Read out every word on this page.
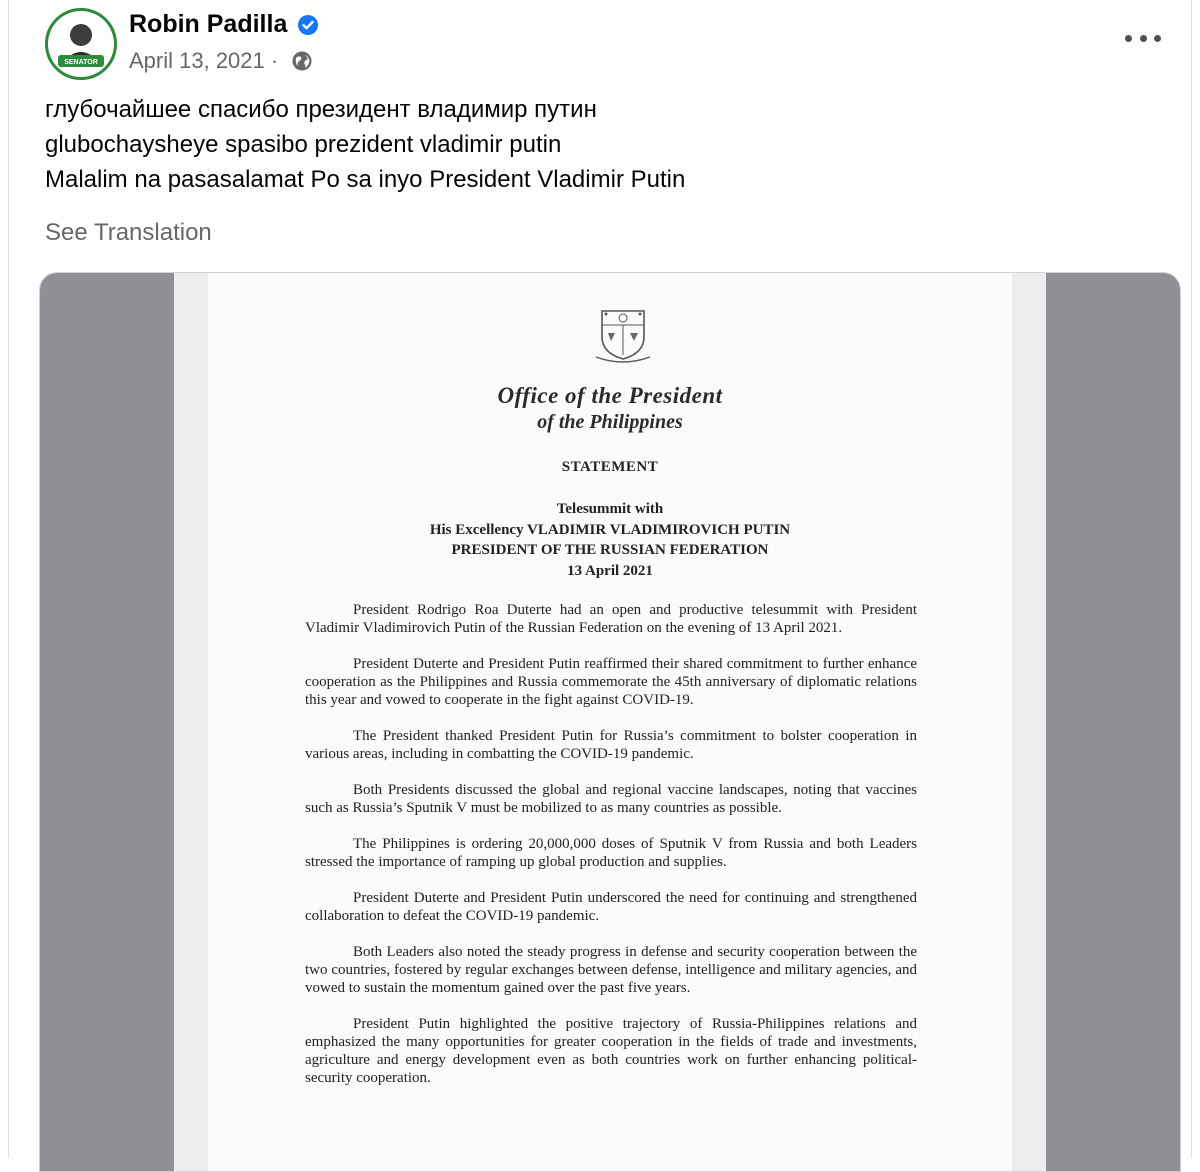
SENATOR
Robin Padilla
April 13, 2021 ·
глубочайшее спасибо президент владимир путин
glubochaysheye spasibo prezident vladimir putin
Malalim na pasasalamat Po sa inyo President Vladimir Putin
See Translation
Office of the President
of the Philippines
STATEMENT
Telesummit with
His Excellency VLADIMIR VLADIMIROVICH PUTIN
PRESIDENT OF THE RUSSIAN FEDERATION
13 April 2021

President Rodrigo Roa Duterte had an open and productive telesummit with President Vladimir Vladimirovich Putin of the Russian Federation on the evening of 13 April 2021.

President Duterte and President Putin reaffirmed their shared commitment to further enhance cooperation as the Philippines and Russia commemorate the 45th anniversary of diplomatic relations this year and vowed to cooperate in the fight against COVID-19.

The President thanked President Putin for Russia’s commitment to bolster cooperation in various areas, including in combatting the COVID-19 pandemic.

Both Presidents discussed the global and regional vaccine landscapes, noting that vaccines such as Russia’s Sputnik V must be mobilized to as many countries as possible.

The Philippines is ordering 20,000,000 doses of Sputnik V from Russia and both Leaders stressed the importance of ramping up global production and supplies.

President Duterte and President Putin underscored the need for continuing and strengthened collaboration to defeat the COVID-19 pandemic.

Both Leaders also noted the steady progress in defense and security cooperation between the two countries, fostered by regular exchanges between defense, intelligence and military agencies, and vowed to sustain the momentum gained over the past five years.

President Putin highlighted the positive trajectory of Russia-Philippines relations and emphasized the many opportunities for greater cooperation in the fields of trade and investments, agriculture and energy development even as both countries work on further enhancing political-security cooperation.
